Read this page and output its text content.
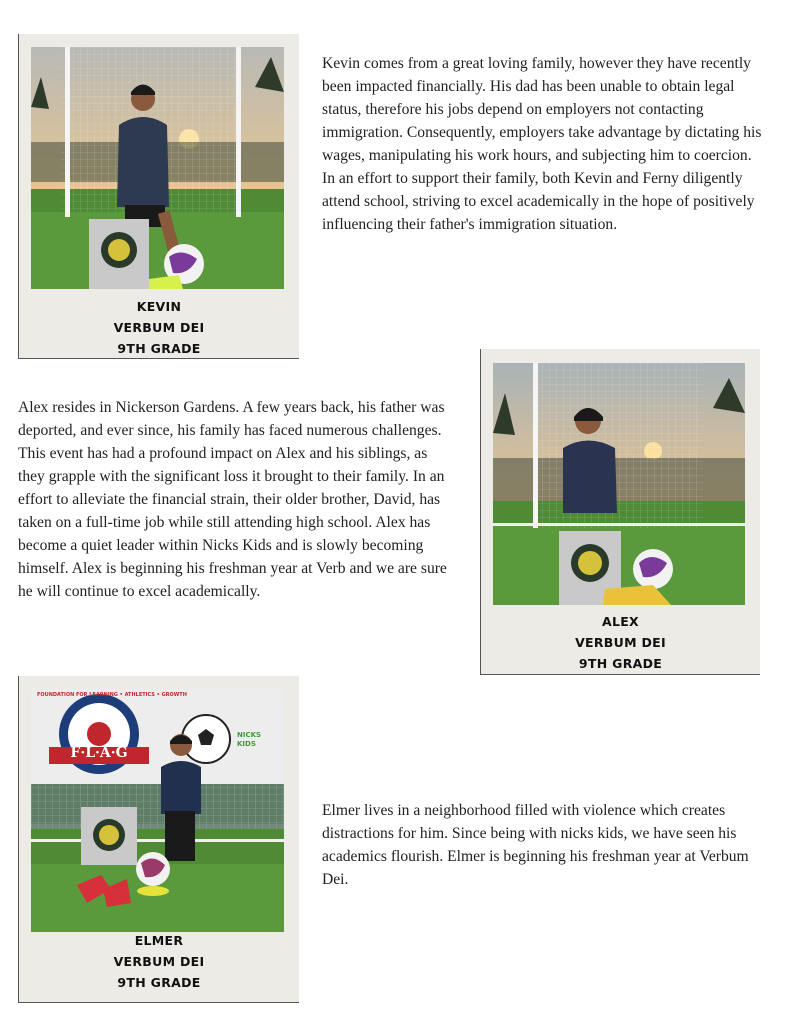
KEVIN
VERBUM DEI
9TH GRADE

Kevin comes from a great loving family, however they have recently been impacted financially. His dad has been unable to obtain legal status, therefore his jobs depend on employers not contacting immigration. Consequently, employers take advantage by dictating his wages, manipulating his work hours, and subjecting him to coercion.

In an effort to support their family, both Kevin and Ferny diligently attend school, striving to excel academically in the hope of positively influencing their father's immigration situation.

Alex resides in Nickerson Gardens. A few years back, his father was deported, and ever since, his family has faced numerous challenges. This event has had a profound impact on Alex and his siblings, as they grapple with the significant loss it brought to their family. In an effort to alleviate the financial strain, their older brother, David, has taken on a full-time job while still attending high school. Alex has become a quiet leader within Nicks Kids and is slowly becoming himself. Alex is beginning his freshman year at Verb and we are sure he will continue to excel academically.

ALEX
VERBUM DEI
9TH GRADE
FOUNDATION FOR LEARNING • ATHLETICS • GROWTH
F·L·A·G
NICKS
KIDS
ELMER
VERBUM DEI
9TH GRADE

Elmer lives in a neighborhood filled with violence which creates distractions for him. Since being with nicks kids, we have seen his academics flourish. Elmer is beginning his freshman year at Verbum Dei.
